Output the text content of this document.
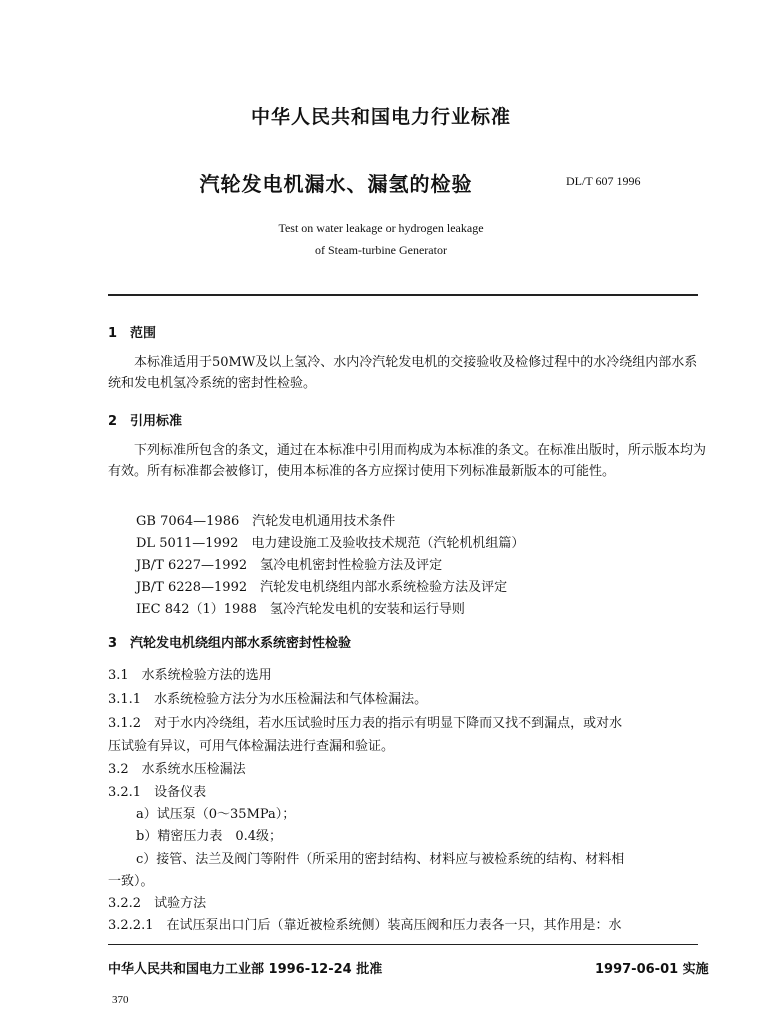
中华人民共和国电力行业标准
汽轮发电机漏水、漏氢的检验	DL/T 607 1996
Test on water leakage or hydrogen leakage
of Steam-turbine Generator
1　范围
本标准适用于50MW及以上氢冷、水内冷汽轮发电机的交接验收及检修过程中的水冷绕组内部水系统和发电机氢冷系统的密封性检验。
2　引用标准
下列标准所包含的条文，通过在本标准中引用而构成为本标准的条文。在标准出版时，所示版本均为有效。所有标准都会被修订，使用本标准的各方应探讨使用下列标准最新版本的可能性。
GB 7064—1986　汽轮发电机通用技术条件
DL 5011—1992　电力建设施工及验收技术规范（汽轮机机组篇）
JB/T 6227—1992　氢冷电机密封性检验方法及评定
JB/T 6228—1992　汽轮发电机绕组内部水系统检验方法及评定
IEC 842（1）1988　氢冷汽轮发电机的安装和运行导则
3　汽轮发电机绕组内部水系统密封性检验
3.1　水系统检验方法的选用
3.1.1　水系统检验方法分为水压检漏法和气体检漏法。
3.1.2　对于水内冷绕组，若水压试验时压力表的指示有明显下降而又找不到漏点，或对水
压试验有异议，可用气体检漏法进行查漏和验证。
3.2　水系统水压检漏法
3.2.1　设备仪表
a）试压泵（0～35MPa）；
b）精密压力表　0.4级；
c）接管、法兰及阀门等附件（所采用的密封结构、材料应与被检系统的结构、材料相
一致）。
3.2.2　试验方法
3.2.2.1　在试压泵出口门后（靠近被检系统侧）装高压阀和压力表各一只，其作用是：水
中华人民共和国电力工业部 1996-12-24 批准	1997-06-01 实施
370
